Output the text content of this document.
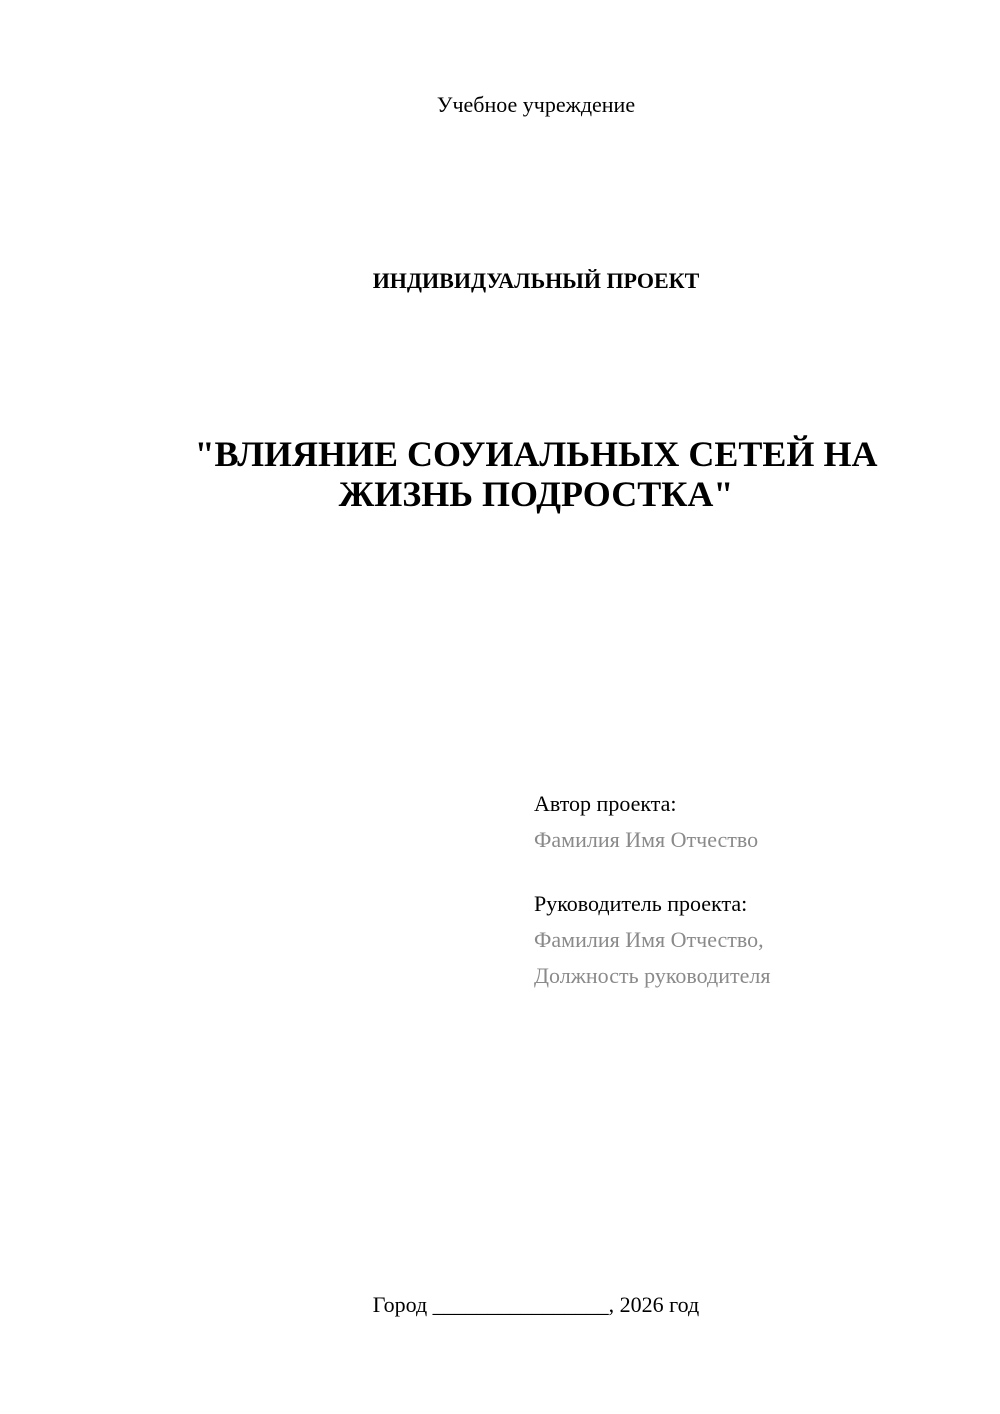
Учебное учреждение
ИНДИВИДУАЛЬНЫЙ ПРОЕКТ
"ВЛИЯНИЕ СОУИАЛЬНЫХ СЕТЕЙ НА
ЖИЗНЬ ПОДРОСТКА"
Автор проекта:
Фамилия Имя Отчество
Руководитель проекта:
Фамилия Имя Отчество,
Должность руководителя
Город ________________, 2026 год
